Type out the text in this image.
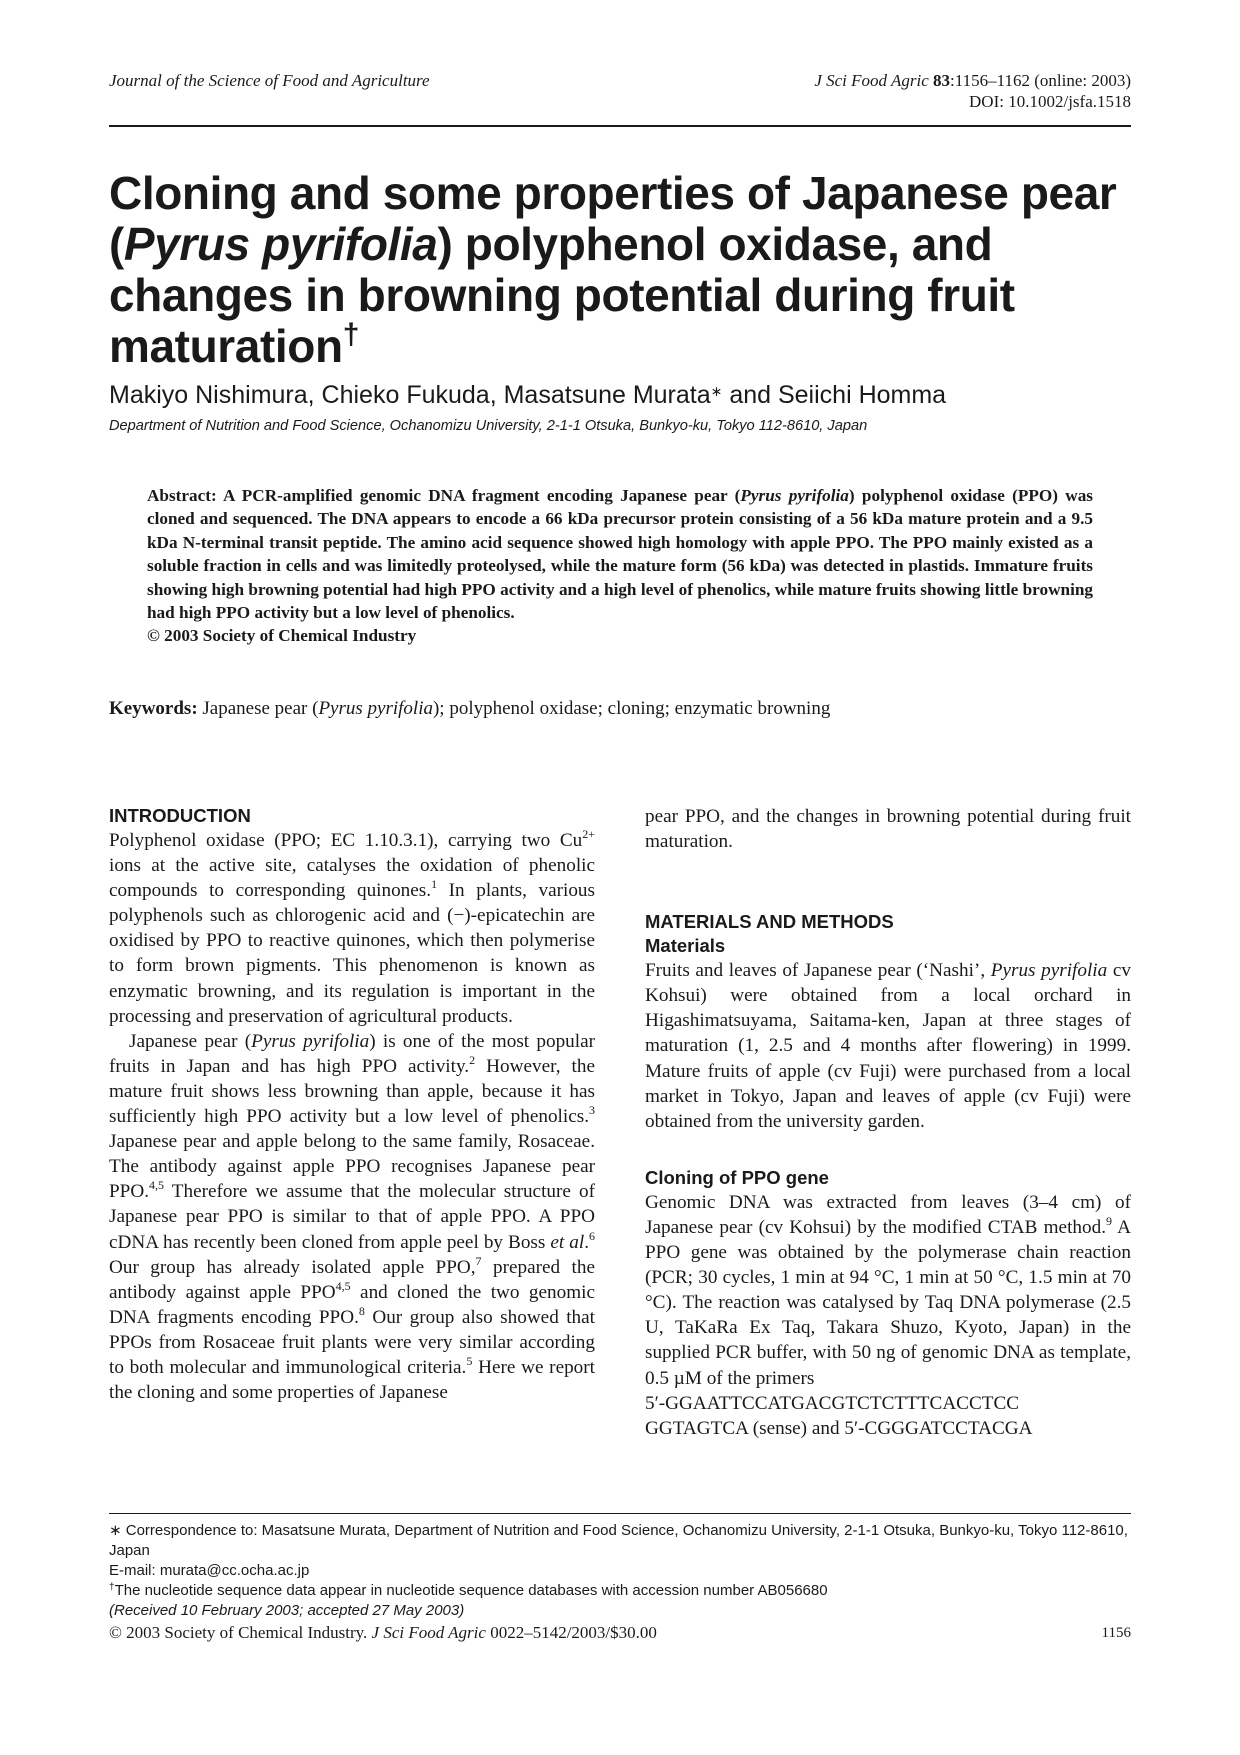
Journal of the Science of Food and Agriculture	J Sci Food Agric 83:1156–1162 (online: 2003)
DOI: 10.1002/jsfa.1518
Cloning and some properties of Japanese pear (Pyrus pyrifolia) polyphenol oxidase, and changes in browning potential during fruit maturation†
Makiyo Nishimura, Chieko Fukuda, Masatsune Murata∗ and Seiichi Homma
Department of Nutrition and Food Science, Ochanomizu University, 2-1-1 Otsuka, Bunkyo-ku, Tokyo 112-8610, Japan

Abstract: A PCR-amplified genomic DNA fragment encoding Japanese pear (Pyrus pyrifolia) polyphenol oxidase (PPO) was cloned and sequenced. The DNA appears to encode a 66 kDa precursor protein consisting of a 56 kDa mature protein and a 9.5 kDa N-terminal transit peptide. The amino acid sequence showed high homology with apple PPO. The PPO mainly existed as a soluble fraction in cells and was limitedly proteolysed, while the mature form (56 kDa) was detected in plastids. Immature fruits showing high browning potential had high PPO activity and a high level of phenolics, while mature fruits showing little browning had high PPO activity but a low level of phenolics.

© 2003 Society of Chemical Industry

Keywords: Japanese pear (Pyrus pyrifolia); polyphenol oxidase; cloning; enzymatic browning
INTRODUCTION

Polyphenol oxidase (PPO; EC 1.10.3.1), carrying two $Cu^{2+}$ ions at the active site, catalyses the oxidation of phenolic compounds to corresponding quinones.$^1$ In plants, various polyphenols such as chlorogenic acid and (−)-epicatechin are oxidised by PPO to reactive quinones, which then polymerise to form brown pigments. This phenomenon is known as enzymatic browning, and its regulation is important in the processing and preservation of agricultural products.

Japanese pear (Pyrus pyrifolia) is one of the most popular fruits in Japan and has high PPO activity.$^2$ However, the mature fruit shows less browning than apple, because it has sufficiently high PPO activity but a low level of phenolics.$^3$ Japanese pear and apple belong to the same family, Rosaceae. The antibody against apple PPO recognises Japanese pear PPO.$^{4,5}$ Therefore we assume that the molecular structure of Japanese pear PPO is similar to that of apple PPO. A PPO cDNA has recently been cloned from apple peel by Boss et al.$^6$ Our group has already isolated apple PPO,$^7$ prepared the antibody against apple PPO$^{4,5}$ and cloned the two genomic DNA fragments encoding PPO.$^8$ Our group also showed that PPOs from Rosaceae fruit plants were very similar according to both molecular and immunological criteria.$^5$ Here we report the cloning and some properties of Japanese

pear PPO, and the changes in browning potential during fruit maturation.

MATERIALS AND METHODS
Materials

Fruits and leaves of Japanese pear (‘Nashi’, Pyrus pyrifolia cv Kohsui) were obtained from a local orchard in Higashimatsuyama, Saitama-ken, Japan at three stages of maturation (1, 2.5 and 4 months after flowering) in 1999. Mature fruits of apple (cv Fuji) were purchased from a local market in Tokyo, Japan and leaves of apple (cv Fuji) were obtained from the university garden.

Cloning of PPO gene

Genomic DNA was extracted from leaves (3–4 cm) of Japanese pear (cv Kohsui) by the modified CTAB method.$^9$ A PPO gene was obtained by the polymerase chain reaction (PCR; 30 cycles, 1 min at 94 °C, 1 min at 50 °C, 1.5 min at 70 °C). The reaction was catalysed by Taq DNA polymerase (2.5 U, TaKaRa Ex Taq, Takara Shuzo, Kyoto, Japan) in the supplied PCR buffer, with 50 ng of genomic DNA as template, 0.5 µM of the primers

5′-GGAATTCCATGACGTCTCTTTCACCTCC

GGTAGTCA (sense) and 5′-CGGGATCCTACGA

∗ Correspondence to: Masatsune Murata, Department of Nutrition and Food Science, Ochanomizu University, 2-1-1 Otsuka, Bunkyo-ku, Tokyo 112-8610, Japan

E-mail: murata@cc.ocha.ac.jp

†The nucleotide sequence data appear in nucleotide sequence databases with accession number AB056680

(Received 10 February 2003; accepted 27 May 2003)

© 2003 Society of Chemical Industry. J Sci Food Agric 0022–5142/2003/$30.00	1156
